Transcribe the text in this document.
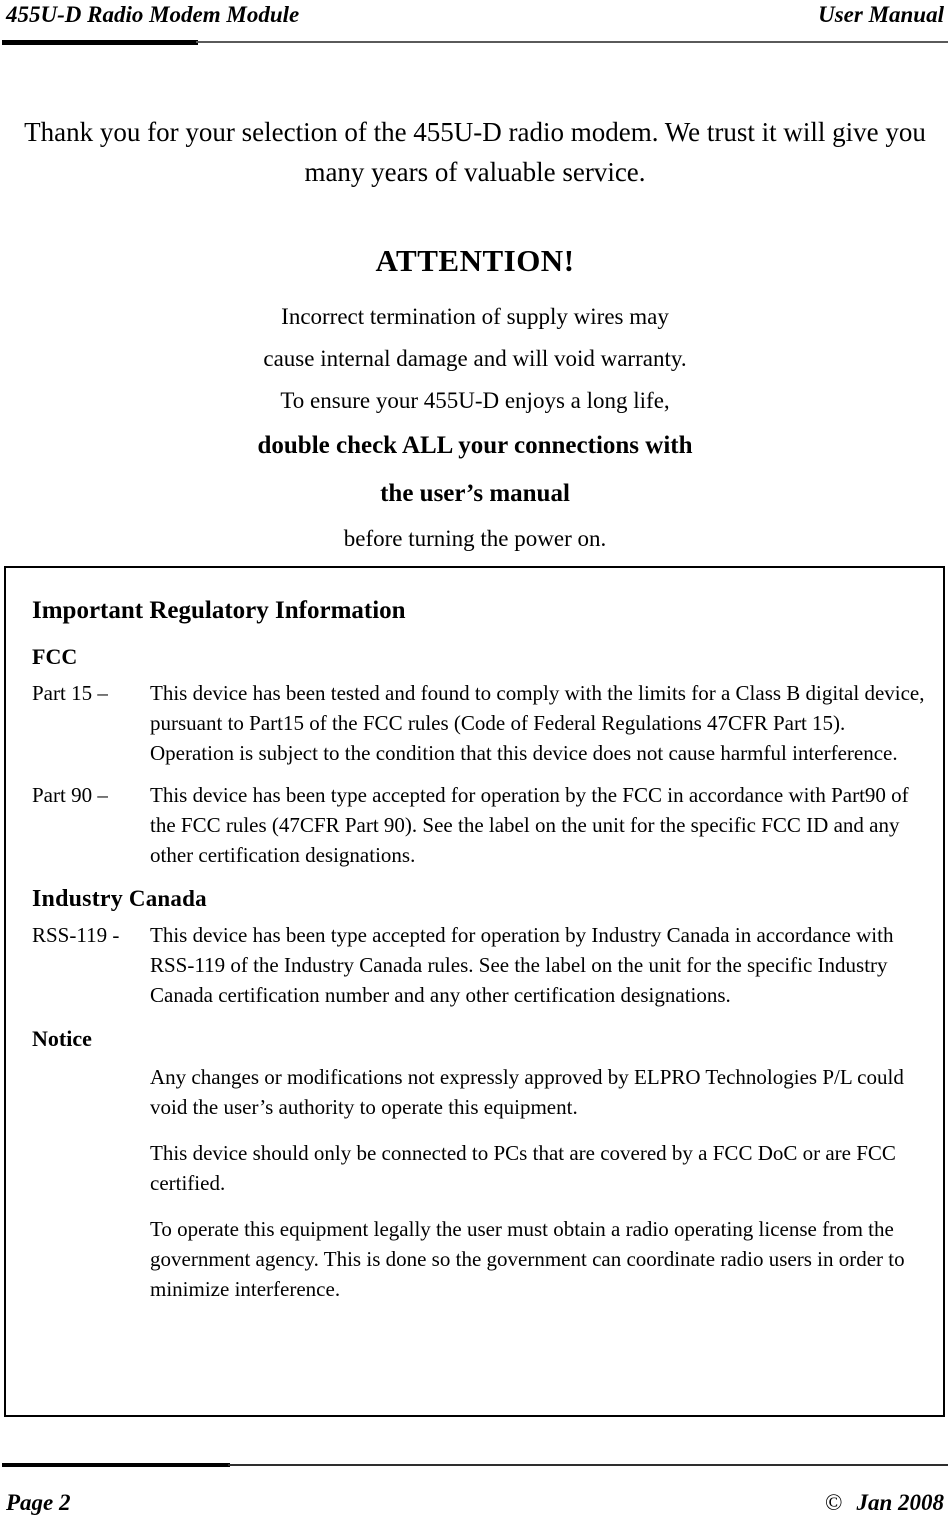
455U-D Radio Modem Module	User Manual
Thank you for your selection of the 455U-D radio modem. We trust it will give you many years of valuable service.
ATTENTION!
Incorrect termination of supply wires may
cause internal damage and will void warranty.
To ensure your 455U-D enjoys a long life,
double check ALL your connections with
the user’s manual
before turning the power on.
Important Regulatory Information
FCC
Part 15 –	This device has been tested and found to comply with the limits for a Class B digital device, pursuant to Part15 of the FCC rules (Code of Federal Regulations 47CFR Part 15). Operation is subject to the condition that this device does not cause harmful interference.
Part 90 –	This device has been type accepted for operation by the FCC in accordance with Part90 of the FCC rules (47CFR Part 90). See the label on the unit for the specific FCC ID and any other certification designations.
Industry Canada
RSS-119 -	This device has been type accepted for operation by Industry Canada in accordance with RSS-119 of the Industry Canada rules. See the label on the unit for the specific Industry Canada certification number and any other certification designations.
Notice

Any changes or modifications not expressly approved by ELPRO Technologies P/L could void the user’s authority to operate this equipment.

This device should only be connected to PCs that are covered by a FCC DoC or are FCC certified.

To operate this equipment legally the user must obtain a radio operating license from the government agency. This is done so the government can coordinate radio users in order to minimize interference.

Page 2	© Jan 2008
